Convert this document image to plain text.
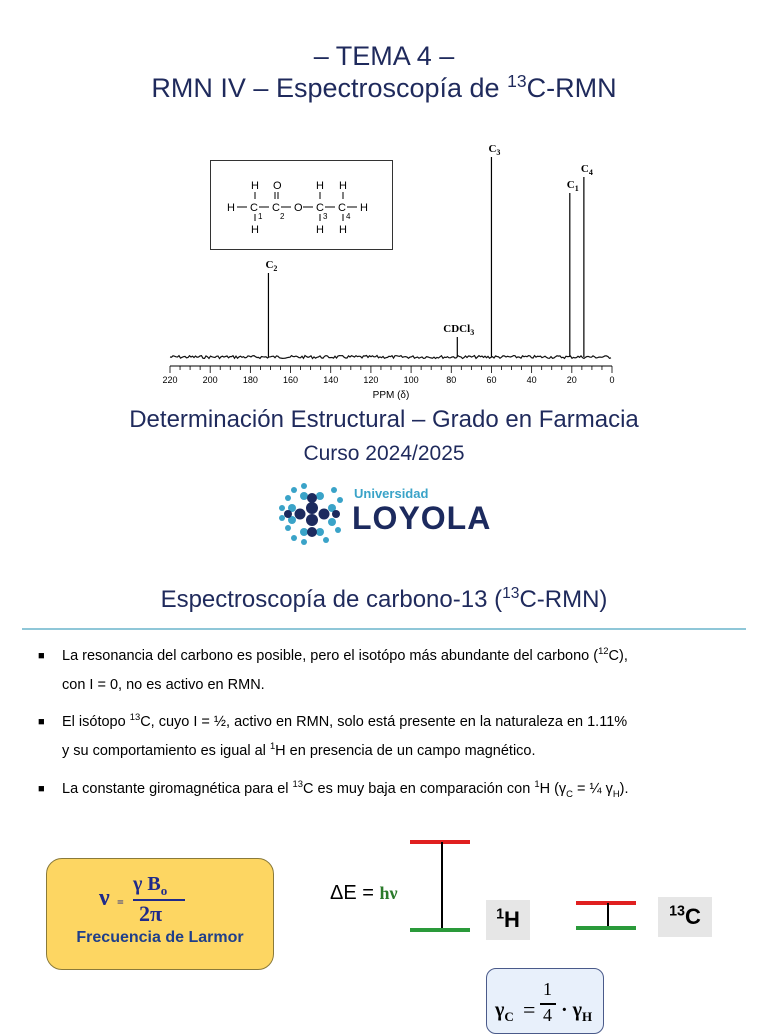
– TEMA 4 –
RMN IV – Espectroscopía de $^{13}$C-RMN
H O	H H
H C C O C C H
1 2	3 4
H	H H
$C_2$
CDCl$_3$
$C_3$
$C_1$
$C_4$
220	200	180	160	140	120	100	80	60	40	20	0
PPM (δ)
Determinación Estructural – Grado en Farmacia
Curso 2024/2025
Universidad
LOYOLA
Espectroscopía de carbono-13 ($^{13}$C-RMN)
■ La resonancia del carbono es posible, pero el isotópo más abundante del carbono ($^{12}$C),
con I = 0, no es activo en RMN.
■ El isótopo $^{13}$C, cuyo I = ½, activo en RMN, solo está presente en la naturaleza en 1.11%
y su comportamiento es igual al $^1$H en presencia de un campo magnético.
■ La constante giromagnética para el $^{13}$C es muy baja en comparación con $^1$H ($\gamma_C$ = ¼ $\gamma_H$).
ν =
γ $B_o$
2π
Frecuencia de Larmor
ΔE = hν
$^1$H	$^{13}$C
$\gamma_C$ =
1
$4 \cdot \gamma_H$
